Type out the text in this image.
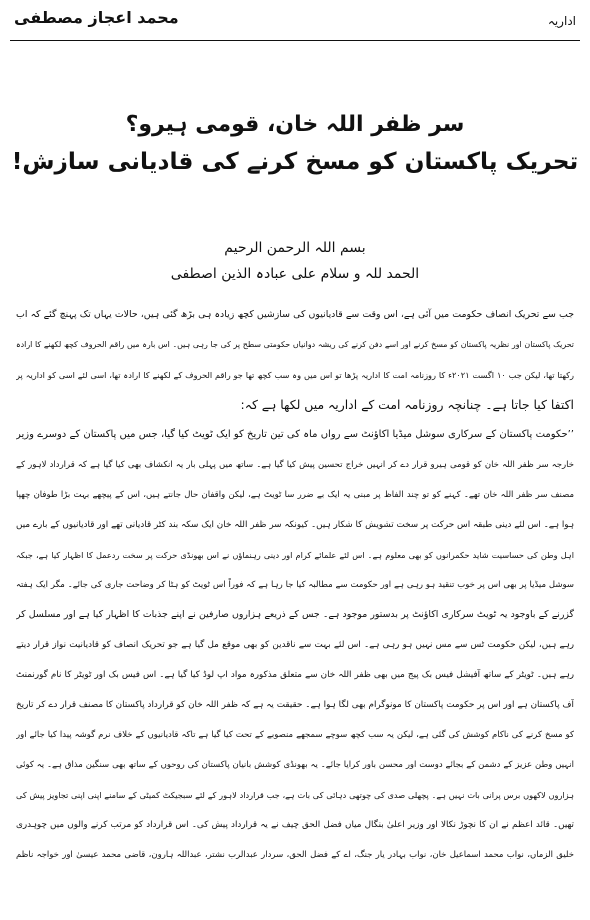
اداریہ
محمد اعجاز مصطفی
سر ظفر اللہ خان، قومی ہیرو؟
تحریک پاکستان کو مسخ کرنے کی قادیانی سازش!
بسم اللہ الرحمن الرحیم
الحمد للہ و سلام علی عبادہ الذین اصطفی
جب سے تحریک انصاف حکومت میں آئی ہے، اس وقت سے قادیانیوں کی سازشیں کچھ زیادہ ہی بڑھ گئی ہیں، حالات یہاں تک پہنچ گئے کہ اب
تحریک پاکستان اور نظریہ پاکستان کو مسخ کرنے اور اسے دفن کرنے کی ریشہ دوانیاں حکومتی سطح پر کی جا رہی ہیں۔ اس بارہ میں راقم الحروف کچھ لکھنے کا ارادہ
رکھتا تھا، لیکن جب ۱۰ اگست ۲۰۲۱ء کا روزنامہ امت کا اداریہ پڑھا تو اس میں وہ سب کچھ تھا جو راقم الحروف کے لکھنے کا ارادہ تھا، اسی لئے اسی کو اداریہ پر
اکتفا کیا جاتا ہے۔ چنانچہ روزنامہ امت کے اداریہ میں لکھا ہے کہ:
’’حکومت پاکستان کے سرکاری سوشل میڈیا اکاؤنٹ سے رواں ماہ کی تین تاریخ کو ایک ٹویٹ کیا گیا، جس میں پاکستان کے دوسرے وزیر
خارجہ سر ظفر اللہ خان کو قومی ہیرو قرار دے کر انہیں خراج تحسین پیش کیا گیا ہے۔ ساتھ میں پہلی بار یہ انکشاف بھی کیا گیا ہے کہ قرارداد لاہور کے
مصنف سر ظفر اللہ خان تھے۔ کہنے کو تو چند الفاظ پر مبنی یہ ایک بے ضرر سا ٹویٹ ہے، لیکن واقفان حال جانتے ہیں، اس کے پیچھے بہت بڑا طوفان چھپا
ہوا ہے۔ اس لئے دینی طبقہ اس حرکت پر سخت تشویش کا شکار ہیں۔ کیونکہ سر ظفر اللہ خان ایک سکہ بند کٹر قادیانی تھے اور قادیانیوں کے بارے میں
اہل وطن کی حساسیت شاید حکمرانوں کو بھی معلوم ہے۔ اس لئے علمائے کرام اور دینی رہنماؤں نے اس بھونڈی حرکت پر سخت ردعمل کا اظہار کیا ہے، جبکہ
سوشل میڈیا پر بھی اس پر خوب تنقید ہو رہی ہے اور حکومت سے مطالبہ کیا جا رہا ہے کہ فوراً اس ٹویٹ کو ہٹا کر وضاحت جاری کی جائے۔ مگر ایک ہفتہ
گزرنے کے باوجود یہ ٹویٹ سرکاری اکاؤنٹ پر بدستور موجود ہے۔ جس کے ذریعے ہزاروں صارفین نے اپنے جذبات کا اظہار کیا ہے اور مسلسل کر
رہے ہیں، لیکن حکومت ٹس سے مس نہیں ہو رہی ہے۔ اس لئے بہت سے ناقدین کو بھی موقع مل گیا ہے جو تحریک انصاف کو قادیانیت نواز قرار دیتے
رہے ہیں۔ ٹویٹر کے ساتھ آفیشل فیس بک پیج میں بھی ظفر اللہ خان سے متعلق مذکورہ مواد اپ لوڈ کیا گیا ہے۔ اس فیس بک اور ٹویٹر کا نام گورنمنٹ
آف پاکستان ہے اور اس پر حکومت پاکستان کا مونوگرام بھی لگا ہوا ہے۔ حقیقت یہ ہے کہ ظفر اللہ خان کو قرارداد پاکستان کا مصنف قرار دے کر تاریخ
کو مسخ کرنے کی ناکام کوشش کی گئی ہے، لیکن یہ سب کچھ سوچے سمجھے منصوبے کے تحت کیا گیا ہے تاکہ قادیانیوں کے خلاف نرم گوشہ پیدا کیا جائے اور
انہیں وطن عزیز کے دشمن کے بجائے دوست اور محسن باور کرایا جائے۔ یہ بھونڈی کوشش بانیان پاکستان کی روحوں کے ساتھ بھی سنگین مذاق ہے۔ یہ کوئی
ہزاروں لاکھوں برس پرانی بات نہیں ہے۔ پچھلی صدی کی چوتھی دہائی کی بات ہے، جب قرارداد لاہور کے لئے سبجیکٹ کمیٹی کے سامنے اپنی اپنی تجاویز پیش کی
تھیں۔ قائد اعظم نے ان کا نچوڑ نکالا اور وزیر اعلیٰ بنگال میاں فضل الحق چیف نے یہ قرارداد پیش کی۔ اس قرارداد کو مرتب کرنے والوں میں چوہدری
خلیق الزماں، نواب محمد اسماعیل خان، نواب بہادر یار جنگ، اے کے فضل الحق، سردار عبدالرب نشتر، عبداللہ ہارون، قاضی محمد عیسیٰ اور خواجہ ناظم
